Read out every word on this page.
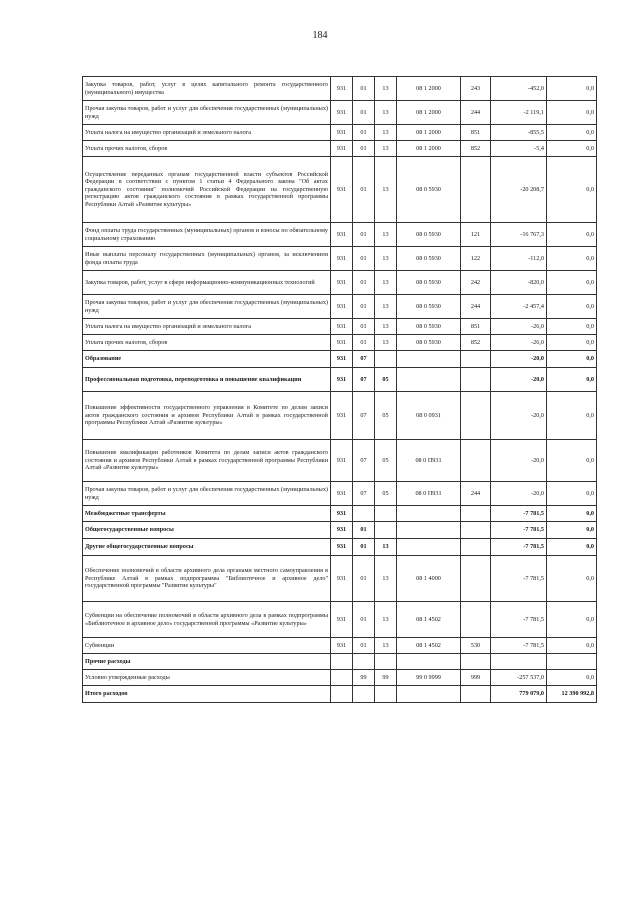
184
Закупка товаров, работ, услуг в целях капитального ремонта государственного (муниципального) имущества	931	01	13	08 1 2000	243	-452,0	0,0
Прочая закупка товаров, работ и услуг для обеспечения государственных (муниципальных) нужд	931	01	13	08 1 2000	244	-2 119,1	0,0
Уплата налога на имущество организаций и земельного налога	931	01	13	08 1 2000	851	-855,5	0,0
Уплата прочих налогов, сборов	931	01	13	08 1 2000	852	-5,4	0,0
Осуществление переданных органам государственной власти субъектов Российской Федерации в соответствии с пунктом 1 статьи 4 Федерального закона "Об актах гражданского состояния" полномочий Российской Федерации на государственную регистрацию актов гражданского состояния в рамках государственной программы Республики Алтай «Развитие культуры»	931	01	13	08 0 5930		-20 208,7	0,0
Фонд оплаты труда государственных (муниципальных) органов и взносы по обязательному социальному страхованию	931	01	13	08 0 5930	121	-16 767,3	0,0
Иные выплаты персоналу государственных (муниципальных) органов, за исключением фонда оплаты труда	931	01	13	08 0 5930	122	-112,0	0,0
Закупка товаров, работ, услуг в сфере информационно-коммуникационных технологий	931	01	13	08 0 5930	242	-820,0	0,0
Прочая закупка товаров, работ и услуг для обеспечения государственных (муниципальных) нужд	931	01	13	08 0 5930	244	-2 457,4	0,0
Уплата налога на имущество организаций и земельного налога	931	01	13	08 0 5930	851	-26,0	0,0
Уплата прочих налогов, сборов	931	01	13	08 0 5930	852	-26,0	0,0
Образование	931	07				-20,0	0,0
Профессиональная подготовка, переподготовка и повышение квалификации	931	07	05			-20,0	0,0
Повышение эффективности государственного управления в Комитете по делам записи актов гражданского состояния и архивов Республики Алтай в рамках государственной программы Республики Алтай «Развитие культуры»	931	07	05	08 0 0931		-20,0	0,0
Повышение квалификации работников Комитета по делам записи актов гражданского состояния и архивов Республики Алтай в рамках государственной программы Республики Алтай «Развитие культуры»	931	07	05	08 0 П931		-20,0	0,0
Прочая закупка товаров, работ и услуг для обеспечения государственных (муниципальных) нужд	931	07	05	08 0 П931	244	-20,0	0,0
Межбюджетные трансферты	931					-7 781,5	0,0
Общегосударственные вопросы	931	01				-7 781,5	0,0
Другие общегосударственные вопросы	931	01	13			-7 781,5	0,0
Обеспечение полномочий в области архивного дела органами местного самоуправления в Республике Алтай в рамках подпрограммы "Библиотечное и архивное дело" государственной программы "Развитие культуры"	931	01	13	08 1 4000		-7 781,5	0,0
Субвенции на обеспечение полномочий в области архивного дела в рамках подпрограммы «Библиотечное и архивное дело» государственной программы «Развитие культуры»	931	01	13	08 1 4502		-7 781,5	0,0
Субвенции	931	01	13	08 1 4502	530	-7 781,5	0,0
Прочие расходы							
Условно утвержденные расходы		99	99	99 0 9999	999	-257 537,0	0,0
Итого расходов						779 079,0	12 390 992,8
